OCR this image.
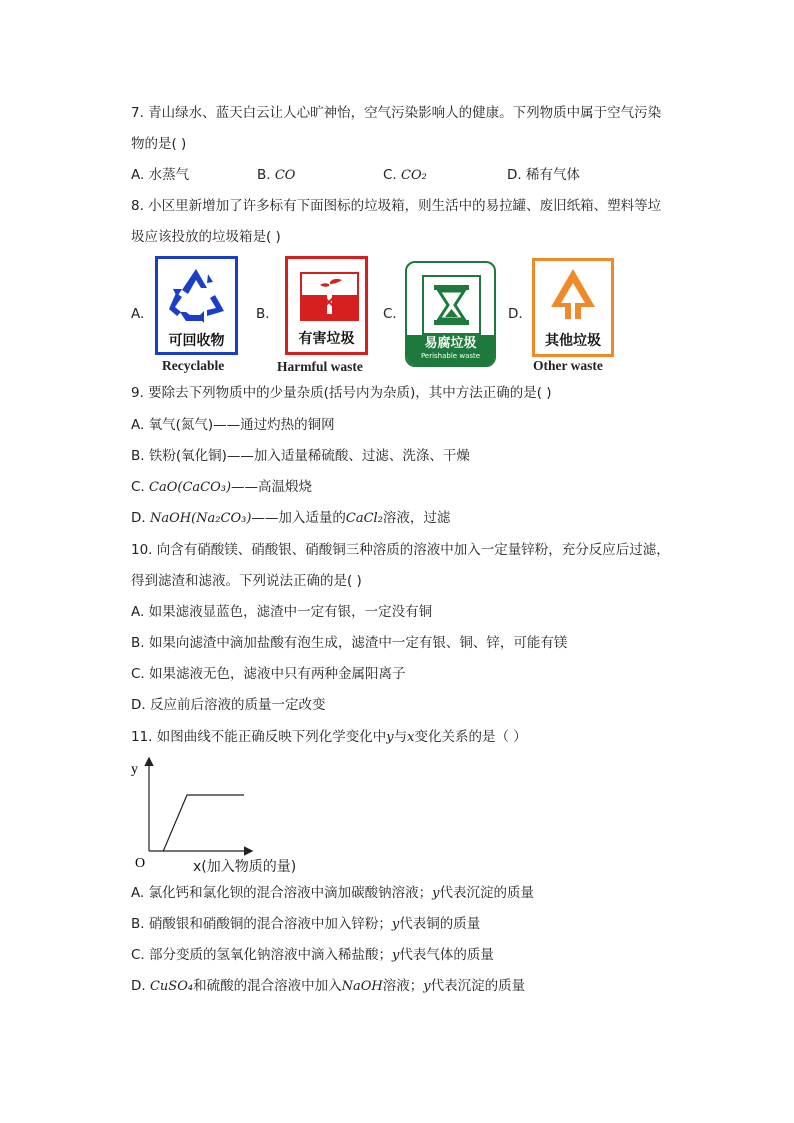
7. 青山绿水、蓝天白云让人心旷神怡，空气污染影响人的健康。下列物质中属于空气污染
物的是( )
A. 水蒸气	B. CO	C. CO₂	D. 稀有气体
8. 小区里新增加了许多标有下面图标的垃圾箱，则生活中的易拉罐、废旧纸箱、塑料等垃
圾应该投放的垃圾箱是( )
A.
可回收物
Recyclable
B.
有害垃圾
Harmful waste
C.
易腐垃圾
Perishable waste
D.
其他垃圾
Other waste
9. 要除去下列物质中的少量杂质(括号内为杂质)，其中方法正确的是( )
A. 氧气(氮气)——通过灼热的铜网
B. 铁粉(氧化铜)——加入适量稀硫酸、过滤、洗涤、干燥
C. CaO(CaCO₃)——高温煅烧
D. NaOH(Na₂CO₃)——加入适量的CaCl₂溶液，过滤
10. 向含有硝酸镁、硝酸银、硝酸铜三种溶质的溶液中加入一定量锌粉，充分反应后过滤，
得到滤渣和滤液。下列说法正确的是( )
A. 如果滤液显蓝色，滤渣中一定有银，一定没有铜
B. 如果向滤渣中滴加盐酸有泡生成，滤渣中一定有银、铜、锌，可能有镁
C. 如果滤液无色，滤液中只有两种金属阳离子
D. 反应前后溶液的质量一定改变
11. 如图曲线不能正确反映下列化学变化中y与x变化关系的是（ ）
y
O	x(加入物质的量)
A. 氯化钙和氯化钡的混合溶液中滴加碳酸钠溶液；y代表沉淀的质量
B. 硝酸银和硝酸铜的混合溶液中加入锌粉；y代表铜的质量
C. 部分变质的氢氧化钠溶液中滴入稀盐酸；y代表气体的质量
D. CuSO₄和硫酸的混合溶液中加入NaOH溶液；y代表沉淀的质量
